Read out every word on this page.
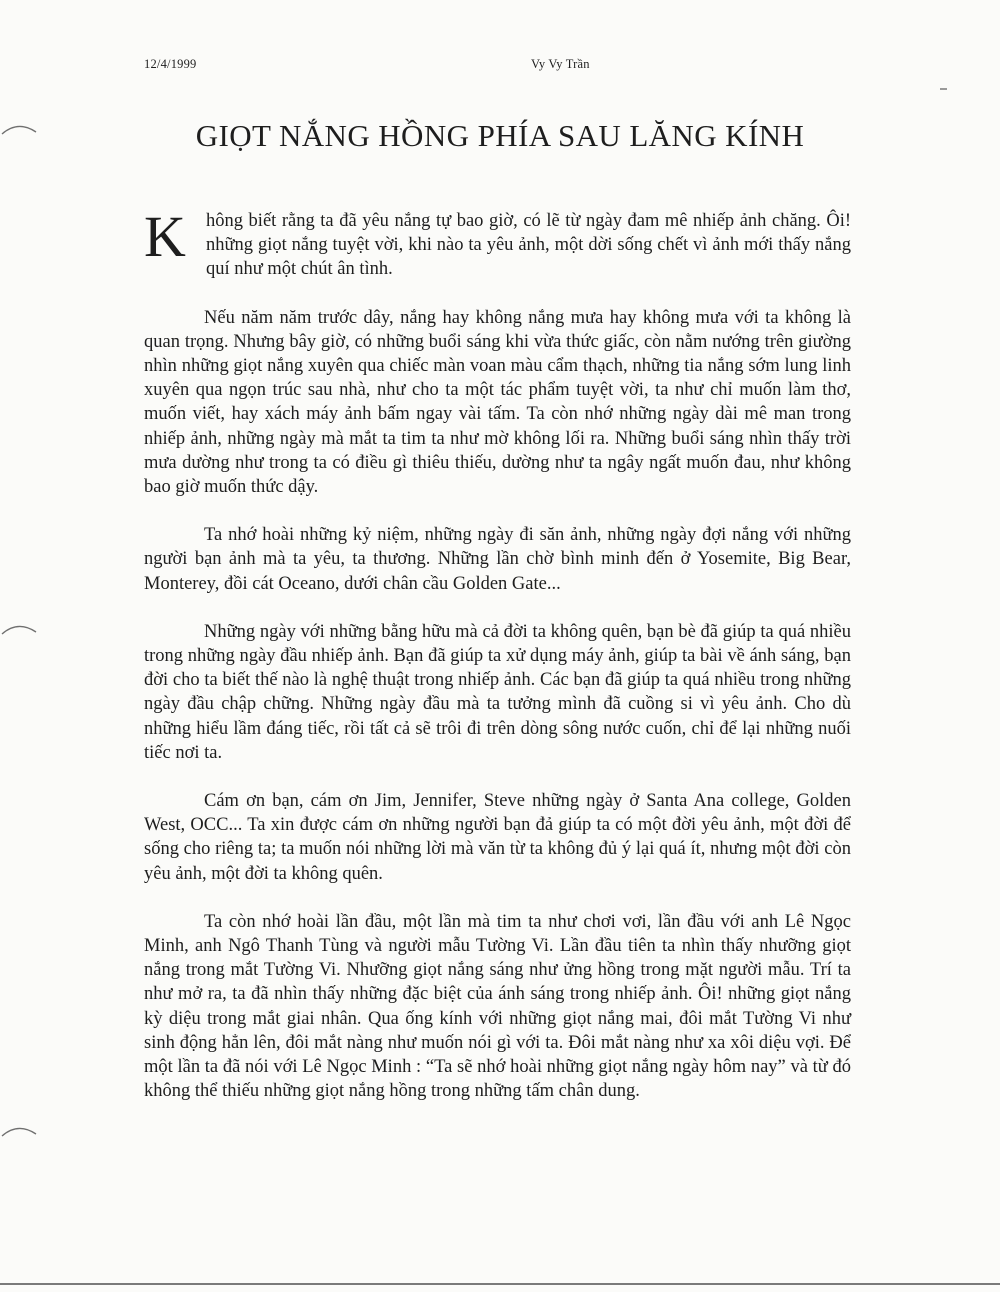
12/4/1999	Vy Vy Trần
GIỌT NẮNG HỒNG PHÍA SAU LĂNG KÍNH

K	hông biết rằng ta đã yêu nắng tự bao giờ, có lẽ từ ngày đam mê nhiếp ảnh chăng. Ôi! những giọt nắng tuyệt vời, khi nào ta yêu ảnh, một dời sống chết vì ảnh mới thấy nắng quí như một chút ân tình.

Nếu năm năm trước dây, nắng hay không nắng mưa hay không mưa với ta không là quan trọng. Nhưng bây giờ, có những buổi sáng khi vừa thức giấc, còn nằm nướng trên giường nhìn những giọt nắng xuyên qua chiếc màn voan màu cẩm thạch, những tia nắng sớm lung linh xuyên qua ngọn trúc sau nhà, như cho ta một tác phẩm tuyệt vời, ta như chỉ muốn làm thơ, muốn viết, hay xách máy ảnh bấm ngay vài tấm. Ta còn nhớ những ngày dài mê man trong nhiếp ảnh, những ngày mà mắt ta tim ta như mờ không lối ra. Những buổi sáng nhìn thấy trời mưa dường như trong ta có điều gì thiêu thiếu, dường như ta ngây ngất muốn đau, như không bao giờ muốn thức dậy.

Ta nhớ hoài những kỷ niệm, những ngày đi săn ảnh, những ngày đợi nắng với những người bạn ảnh mà ta yêu, ta thương. Những lần chờ bình minh đến ở Yosemite, Big Bear, Monterey, đồi cát Oceano, dưới chân cầu Golden Gate...

Những ngày với những bằng hữu mà cả đời ta không quên, bạn bè đã giúp ta quá nhiều trong những ngày đầu nhiếp ảnh. Bạn đã giúp ta xử dụng máy ảnh, giúp ta bài về ánh sáng, bạn đời cho ta biết thế nào là nghệ thuật trong nhiếp ảnh. Các bạn đã giúp ta quá nhiều trong những ngày đầu chập chững. Những ngày đầu mà ta tưởng mình đã cuồng si vì yêu ảnh. Cho dù những hiểu lầm đáng tiếc, rồi tất cả sẽ trôi đi trên dòng sông nước cuốn, chỉ để lại những nuối tiếc nơi ta.

Cám ơn bạn, cám ơn Jim, Jennifer, Steve những ngày ở Santa Ana college, Golden West, OCC... Ta xin được cám ơn những người bạn đả giúp ta có một đời yêu ảnh, một đời để sống cho riêng ta; ta muốn nói những lời mà văn từ ta không đủ ý lại quá ít, nhưng một đời còn yêu ảnh, một đời ta không quên.

Ta còn nhớ hoài lần đầu, một lần mà tim ta như chơi vơi, lần đầu với anh Lê Ngọc Minh, anh Ngô Thanh Tùng và người mẫu Tường Vi. Lần đầu tiên ta nhìn thấy nhưỡng giọt nắng trong mắt Tường Vi. Nhưỡng giọt nắng sáng như ửng hồng trong mặt người mẫu. Trí ta như mở ra, ta đã nhìn thấy những đặc biệt của ánh sáng trong nhiếp ảnh. Ôi! những giọt nắng kỳ diệu trong mắt giai nhân. Qua ống kính với những giọt nắng mai, đôi mắt Tường Vi như sinh động hẳn lên, đôi mắt nàng như muốn nói gì với ta. Đôi mắt nàng như xa xôi diệu vợi. Để một lần ta đã nói với Lê Ngọc Minh : “Ta sẽ nhớ hoài những giọt nắng ngày hôm nay” và từ đó không thể thiếu những giọt nắng hồng trong những tấm chân dung.
